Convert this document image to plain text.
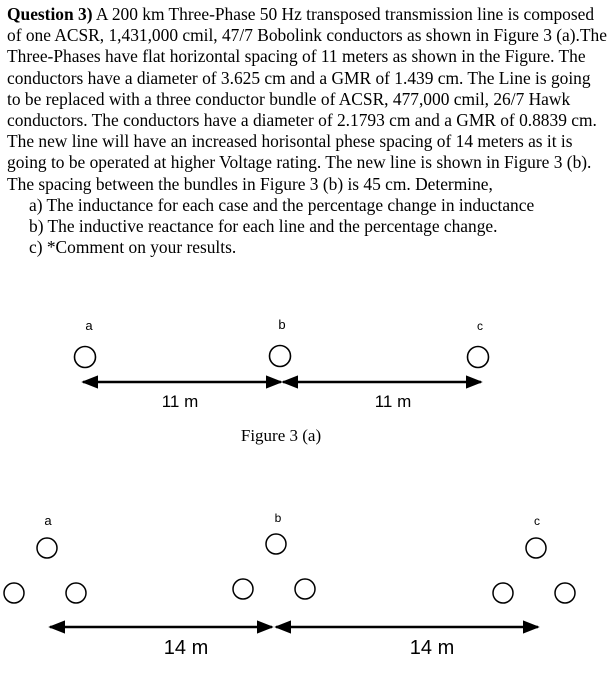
Question 3) A 200 km Three-Phase 50 Hz transposed transmission line is composed of one ACSR, 1,431,000 cmil, 47/7 Bobolink conductors as shown in Figure 3 (a).The Three-Phases have flat horizontal spacing of 11 meters as shown in the Figure. The conductors have a diameter of 3.625 cm and a GMR of 1.439 cm. The Line is going to be replaced with a three conductor bundle of ACSR, 477,000 cmil, 26/7 Hawk conductors. The conductors have a diameter of 2.1793 cm and a GMR of 0.8839 cm. The new line will have an increased horisontal phese spacing of 14 meters as it is going to be operated at higher Voltage rating. The new line is shown in Figure 3 (b). The spacing between the bundles in Figure 3 (b) is 45 cm. Determine,
a) The inductance for each case and the percentage change in inductance
b) The inductive reactance for each line and the percentage change.
c) *Comment on your results.
a	b	c
11 m	11 m
Figure 3 (a)
a	b	c
14 m	14 m
